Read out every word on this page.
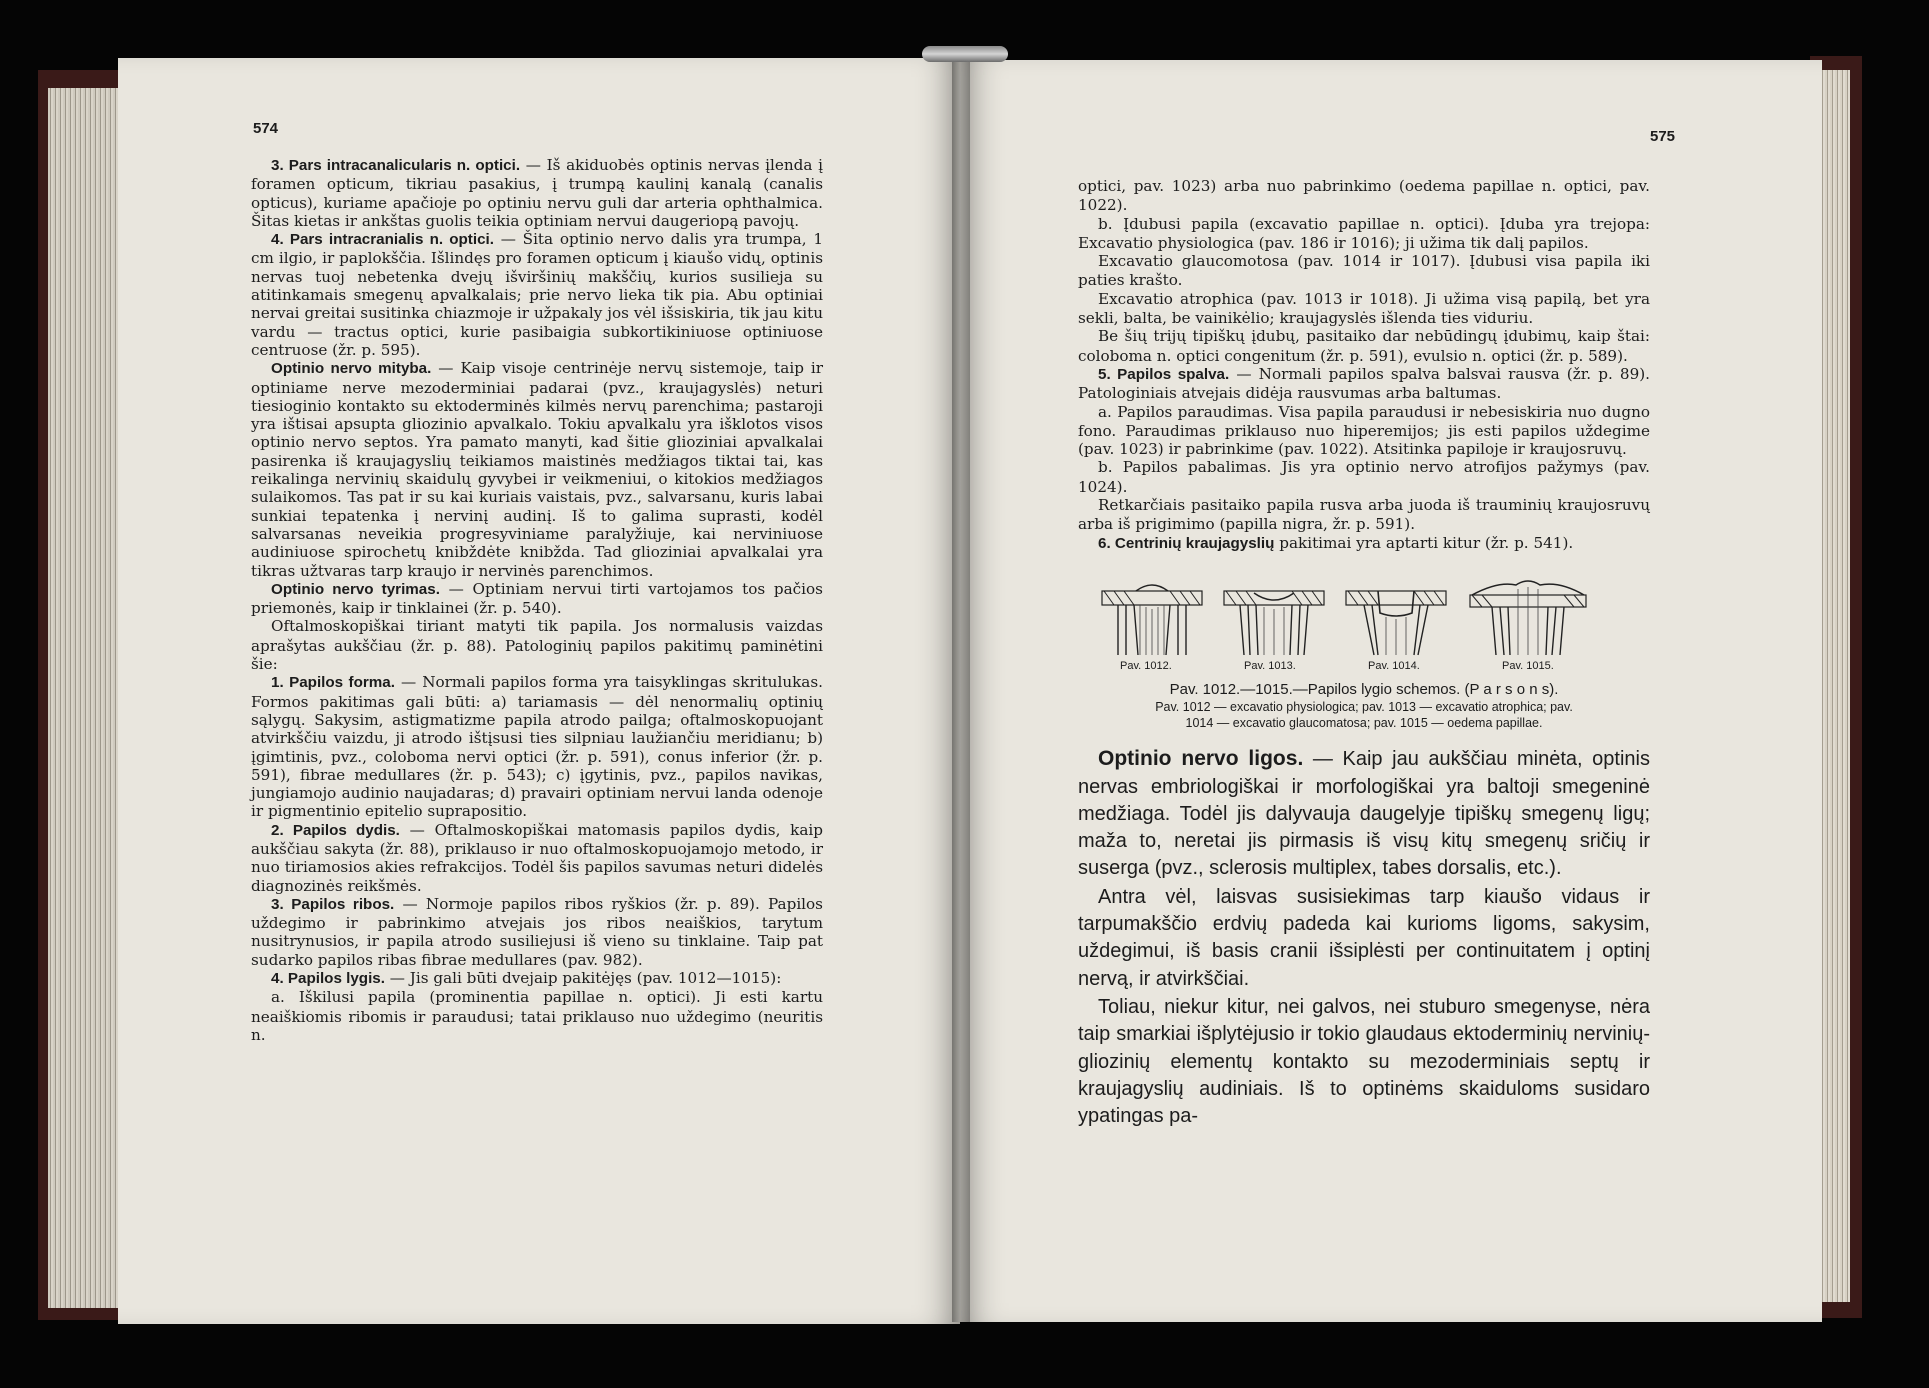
574

3. Pars intracanalicularis n. optici. — Iš akiduobės optinis nervas įlenda į foramen opticum, tikriau pasakius, į trumpą kaulinį kanalą (canalis opticus), kuriame apačioje po optiniu nervu guli dar arteria ophthalmica. Šitas kietas ir ankštas guolis teikia optiniam nervui daugeriopą pavojų.

4. Pars intracranialis n. optici. — Šita optinio nervo dalis yra trumpa, 1 cm ilgio, ir paplokščia. Išlindęs pro foramen opticum į kiaušo vidų, optinis nervas tuoj nebetenka dvejų išviršinių makščių, kurios susilieja su atitinkamais smegenų apvalkalais; prie nervo lieka tik pia. Abu optiniai nervai greitai susitinka chiazmoje ir užpakaly jos vėl išsiskiria, tik jau kitu vardu — tractus optici, kurie pasibaigia subkortikiniuose optiniuose centruose (žr. p. 595).

Optinio nervo mityba. — Kaip visoje centrinėje nervų sistemoje, taip ir optiniame nerve mezoderminiai padarai (pvz., kraujagyslės) neturi tiesioginio kontakto su ektoderminės kilmės nervų parenchima; pastaroji yra ištisai apsupta gliozinio apvalkalo. Tokiu apvalkalu yra išklotos visos optinio nervo septos. Yra pamato manyti, kad šitie glioziniai apvalkalai pasirenka iš kraujagyslių teikiamos maistinės medžiagos tiktai tai, kas reikalinga nervinių skaidulų gyvybei ir veikmeniui, o kitokios medžiagos sulaikomos. Tas pat ir su kai kuriais vaistais, pvz., salvarsanu, kuris labai sunkiai tepatenka į nervinį audinį. Iš to galima suprasti, kodėl salvarsanas neveikia progresyviniame paralyžiuje, kai nerviniuose audiniuose spirochetų knibždėte knibžda. Tad glioziniai apvalkalai yra tikras užtvaras tarp kraujo ir nervinės parenchimos.

Optinio nervo tyrimas. — Optiniam nervui tirti vartojamos tos pačios priemonės, kaip ir tinklainei (žr. p. 540).

Oftalmoskopiškai tiriant matyti tik papila. Jos normalusis vaizdas aprašytas aukščiau (žr. p. 88). Patologinių papilos pakitimų paminėtini šie:

1. Papilos forma. — Normali papilos forma yra taisyklingas skritulukas. Formos pakitimas gali būti: a) tariamasis — dėl nenormalių optinių sąlygų. Sakysim, astigmatizme papila atrodo pailga; oftalmoskopuojant atvirkščiu vaizdu, ji atrodo ištįsusi ties silpniau laužiančiu meridianu; b) įgimtinis, pvz., coloboma nervi optici (žr. p. 591), conus inferior (žr. p. 591), fibrae medullares (žr. p. 543); c) įgytinis, pvz., papilos navikas, jungiamojo audinio naujadaras; d) pravairi optiniam nervui landa odenoje ir pigmentinio epitelio suprapositio.

2. Papilos dydis. — Oftalmoskopiškai matomasis papilos dydis, kaip aukščiau sakyta (žr. 88), priklauso ir nuo oftalmoskopuojamojo metodo, ir nuo tiriamosios akies refrakcijos. Todėl šis papilos savumas neturi didelės diagnozinės reikšmės.

3. Papilos ribos. — Normoje papilos ribos ryškios (žr. p. 89). Papilos uždegimo ir pabrinkimo atvejais jos ribos neaiškios, tarytum nusitrynusios, ir papila atrodo susiliejusi iš vieno su tinklaine. Taip pat sudarko papilos ribas fibrae medullares (pav. 982).

4. Papilos lygis. — Jis gali būti dvejaip pakitėjęs (pav. 1012—1015):

a. Iškilusi papila (prominentia papillae n. optici). Ji esti kartu neaiškiomis ribomis ir paraudusi; tatai priklauso nuo uždegimo (neuritis n.

575

optici, pav. 1023) arba nuo pabrinkimo (oedema papillae n. optici, pav. 1022).

b. Įdubusi papila (excavatio papillae n. optici). Įduba yra trejopa: Excavatio physiologica (pav. 186 ir 1016); ji užima tik dalį papilos.

Excavatio glaucomotosa (pav. 1014 ir 1017). Įdubusi visa papila iki paties krašto.

Excavatio atrophica (pav. 1013 ir 1018). Ji užima visą papilą, bet yra sekli, balta, be vainikėlio; kraujagyslės išlenda ties viduriu.

Be šių trijų tipiškų įdubų, pasitaiko dar nebūdingų įdubimų, kaip štai: coloboma n. optici congenitum (žr. p. 591), evulsio n. optici (žr. p. 589).

5. Papilos spalva. — Normali papilos spalva balsvai rausva (žr. p. 89). Patologiniais atvejais didėja rausvumas arba baltumas.

a. Papilos paraudimas. Visa papila paraudusi ir nebesiskiria nuo dugno fono. Paraudimas priklauso nuo hiperemijos; jis esti papilos uždegime (pav. 1023) ir pabrinkime (pav. 1022). Atsitinka papiloje ir kraujosruvų.

b. Papilos pabalimas. Jis yra optinio nervo atrofijos pažymys (pav. 1024).

Retkarčiais pasitaiko papila rusva arba juoda iš trauminių kraujosruvų arba iš prigimimo (papilla nigra, žr. p. 591).

6. Centrinių kraujagyslių pakitimai yra aptarti kitur (žr. p. 541).

Pav. 1012.	Pav. 1013.	Pav. 1014.	Pav. 1015.
Pav. 1012.—1015.—Papilos lygio schemos. (P a r s o n s).
Pav. 1012 — excavatio physiologica; pav. 1013 — excavatio atrophica; pav.
1014 — excavatio glaucomatosa; pav. 1015 — oedema papillae.

Optinio nervo ligos. — Kaip jau aukščiau minėta, optinis nervas embriologiškai ir morfologiškai yra baltoji smegeninė medžiaga. Todėl jis dalyvauja daugelyje tipiškų smegenų ligų; maža to, neretai jis pirmasis iš visų kitų smegenų sričių ir suserga (pvz., sclerosis multiplex, tabes dorsalis, etc.).

Antra vėl, laisvas susisiekimas tarp kiaušo vidaus ir tarpumakščio erdvių padeda kai kurioms ligoms, sakysim, uždegimui, iš basis cranii išsiplėsti per continuitatem į optinį nervą, ir atvirkščiai.

Toliau, niekur kitur, nei galvos, nei stuburo smegenyse, nėra taip smarkiai išplytėjusio ir tokio glaudaus ektoderminių nervinių-gliozinių elementų kontakto su mezoderminiais septų ir kraujagyslių audiniais. Iš to optinėms skaiduloms susidaro ypatingas pa-
